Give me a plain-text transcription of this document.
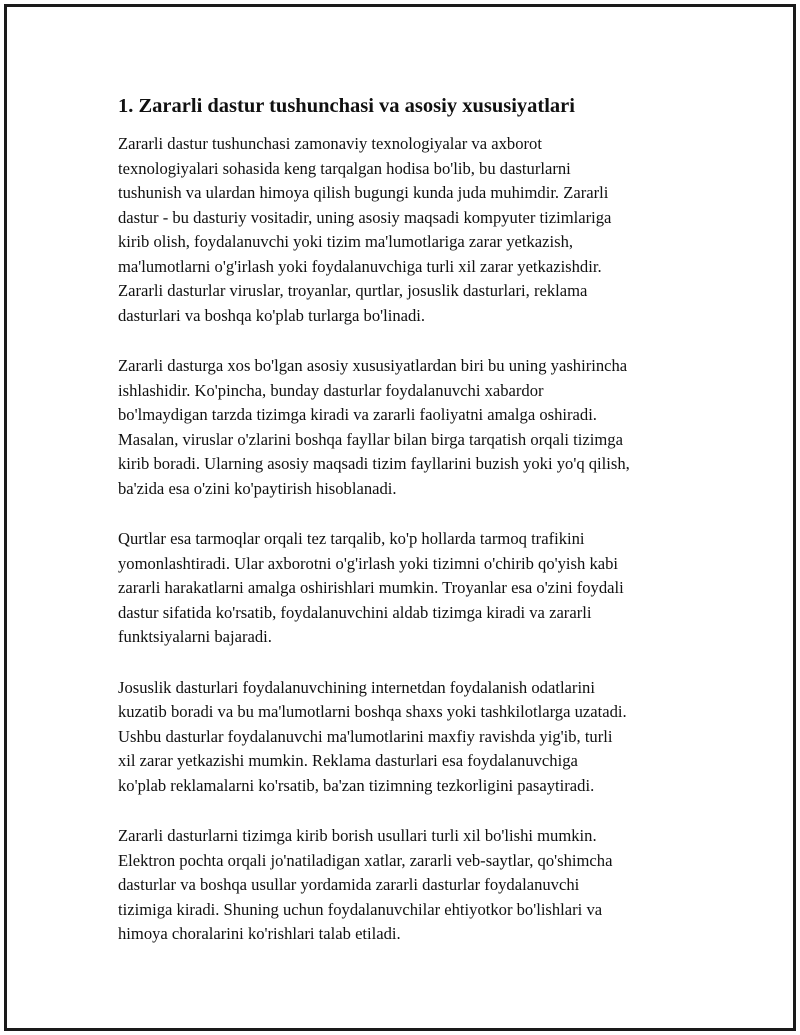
1. Zararli dastur tushunchasi va asosiy xususiyatlari

Zararli dastur tushunchasi zamonaviy texnologiyalar va axborot
texnologiyalari sohasida keng tarqalgan hodisa bo'lib, bu dasturlarni
tushunish va ulardan himoya qilish bugungi kunda juda muhimdir. Zararli
dastur - bu dasturiy vositadir, uning asosiy maqsadi kompyuter tizimlariga
kirib olish, foydalanuvchi yoki tizim ma'lumotlariga zarar yetkazish,
ma'lumotlarni o'g'irlash yoki foydalanuvchiga turli xil zarar yetkazishdir.
Zararli dasturlar viruslar, troyanlar, qurtlar, josuslik dasturlari, reklama
dasturlari va boshqa ko'plab turlarga bo'linadi.

Zararli dasturga xos bo'lgan asosiy xususiyatlardan biri bu uning yashirincha
ishlashidir. Ko'pincha, bunday dasturlar foydalanuvchi xabardor
bo'lmaydigan tarzda tizimga kiradi va zararli faoliyatni amalga oshiradi.
Masalan, viruslar o'zlarini boshqa fayllar bilan birga tarqatish orqali tizimga
kirib boradi. Ularning asosiy maqsadi tizim fayllarini buzish yoki yo'q qilish,
ba'zida esa o'zini ko'paytirish hisoblanadi.

Qurtlar esa tarmoqlar orqali tez tarqalib, ko'p hollarda tarmoq trafikini
yomonlashtiradi. Ular axborotni o'g'irlash yoki tizimni o'chirib qo'yish kabi
zararli harakatlarni amalga oshirishlari mumkin. Troyanlar esa o'zini foydali
dastur sifatida ko'rsatib, foydalanuvchini aldab tizimga kiradi va zararli
funktsiyalarni bajaradi.

Josuslik dasturlari foydalanuvchining internetdan foydalanish odatlarini
kuzatib boradi va bu ma'lumotlarni boshqa shaxs yoki tashkilotlarga uzatadi.
Ushbu dasturlar foydalanuvchi ma'lumotlarini maxfiy ravishda yig'ib, turli
xil zarar yetkazishi mumkin. Reklama dasturlari esa foydalanuvchiga
ko'plab reklamalarni ko'rsatib, ba'zan tizimning tezkorligini pasaytiradi.

Zararli dasturlarni tizimga kirib borish usullari turli xil bo'lishi mumkin.
Elektron pochta orqali jo'natiladigan xatlar, zararli veb-saytlar, qo'shimcha
dasturlar va boshqa usullar yordamida zararli dasturlar foydalanuvchi
tizimiga kiradi. Shuning uchun foydalanuvchilar ehtiyotkor bo'lishlari va
himoya choralarini ko'rishlari talab etiladi.
